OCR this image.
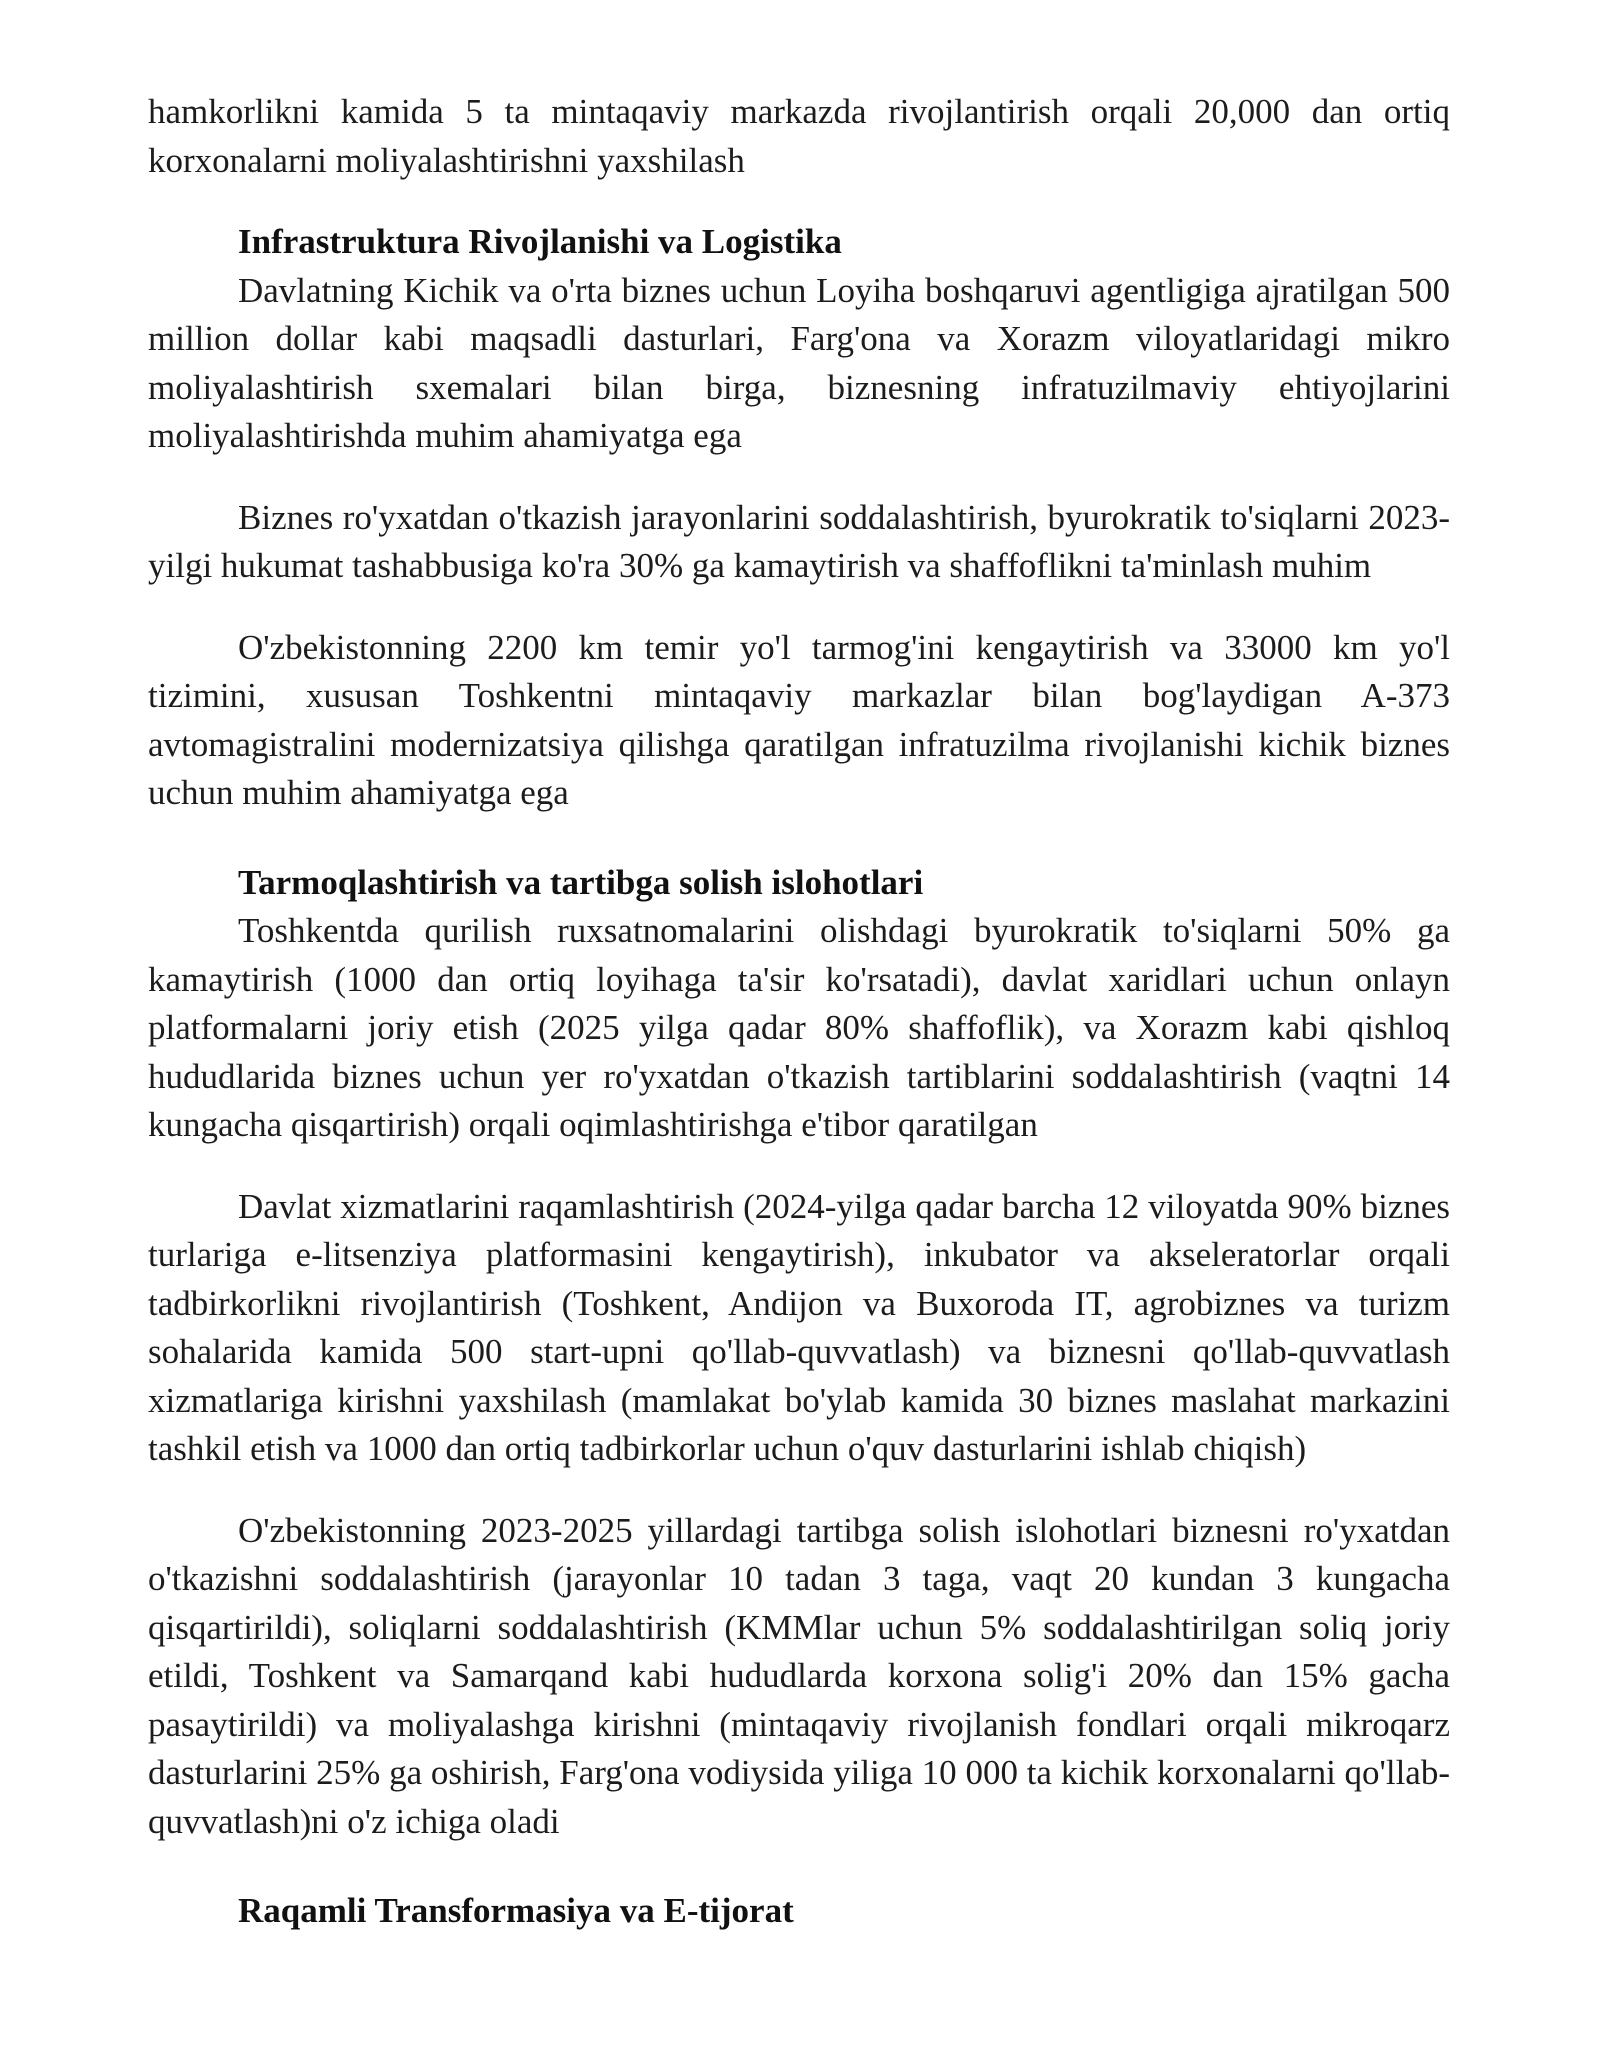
hamkorlikni kamida 5 ta mintaqaviy markazda rivojlantirish orqali 20,000 dan ortiq korxonalarni moliyalashtirishni yaxshilash

Infrastruktura Rivojlanishi va Logistika

Davlatning Kichik va o'rta biznes uchun Loyiha boshqaruvi agentligiga ajratilgan 500 million dollar kabi maqsadli dasturlari, Farg'ona va Xorazm viloyatlaridagi mikro moliyalashtirish sxemalari bilan birga, biznesning infratuzilmaviy ehtiyojlarini moliyalashtirishda muhim ahamiyatga ega

Biznes ro'yxatdan o'tkazish jarayonlarini soddalashtirish, byurokratik to'siqlarni 2023-yilgi hukumat tashabbusiga ko'ra 30% ga kamaytirish va shaffoflikni ta'minlash muhim

O'zbekistonning 2200 km temir yo'l tarmog'ini kengaytirish va 33000 km yo'l tizimini, xususan Toshkentni mintaqaviy markazlar bilan bog'laydigan A-373 avtomagistralini modernizatsiya qilishga qaratilgan infratuzilma rivojlanishi kichik biznes uchun muhim ahamiyatga ega

Tarmoqlashtirish va tartibga solish islohotlari

Toshkentda qurilish ruxsatnomalarini olishdagi byurokratik to'siqlarni 50% ga kamaytirish (1000 dan ortiq loyihaga ta'sir ko'rsatadi), davlat xaridlari uchun onlayn platformalarni joriy etish (2025 yilga qadar 80% shaffoflik), va Xorazm kabi qishloq hududlarida biznes uchun yer ro'yxatdan o'tkazish tartiblarini soddalashtirish (vaqtni 14 kungacha qisqartirish) orqali oqimlashtirishga e'tibor qaratilgan

Davlat xizmatlarini raqamlashtirish (2024-yilga qadar barcha 12 viloyatda 90% biznes turlariga e-litsenziya platformasini kengaytirish), inkubator va akseleratorlar orqali tadbirkorlikni rivojlantirish (Toshkent, Andijon va Buxoroda IT, agrobiznes va turizm sohalarida kamida 500 start-upni qo'llab-quvvatlash) va biznesni qo'llab-quvvatlash xizmatlariga kirishni yaxshilash (mamlakat bo'ylab kamida 30 biznes maslahat markazini tashkil etish va 1000 dan ortiq tadbirkorlar uchun o'quv dasturlarini ishlab chiqish)

O'zbekistonning 2023-2025 yillardagi tartibga solish islohotlari biznesni ro'yxatdan o'tkazishni soddalashtirish (jarayonlar 10 tadan 3 taga, vaqt 20 kundan 3 kungacha qisqartirildi), soliqlarni soddalashtirish (KMMlar uchun 5% soddalashtirilgan soliq joriy etildi, Toshkent va Samarqand kabi hududlarda korxona solig'i 20% dan 15% gacha pasaytirildi) va moliyalashga kirishni (mintaqaviy rivojlanish fondlari orqali mikroqarz dasturlarini 25% ga oshirish, Farg'ona vodiysida yiliga 10 000 ta kichik korxonalarni qo'llab-quvvatlash)ni o'z ichiga oladi

Raqamli Transformasiya va E-tijorat
